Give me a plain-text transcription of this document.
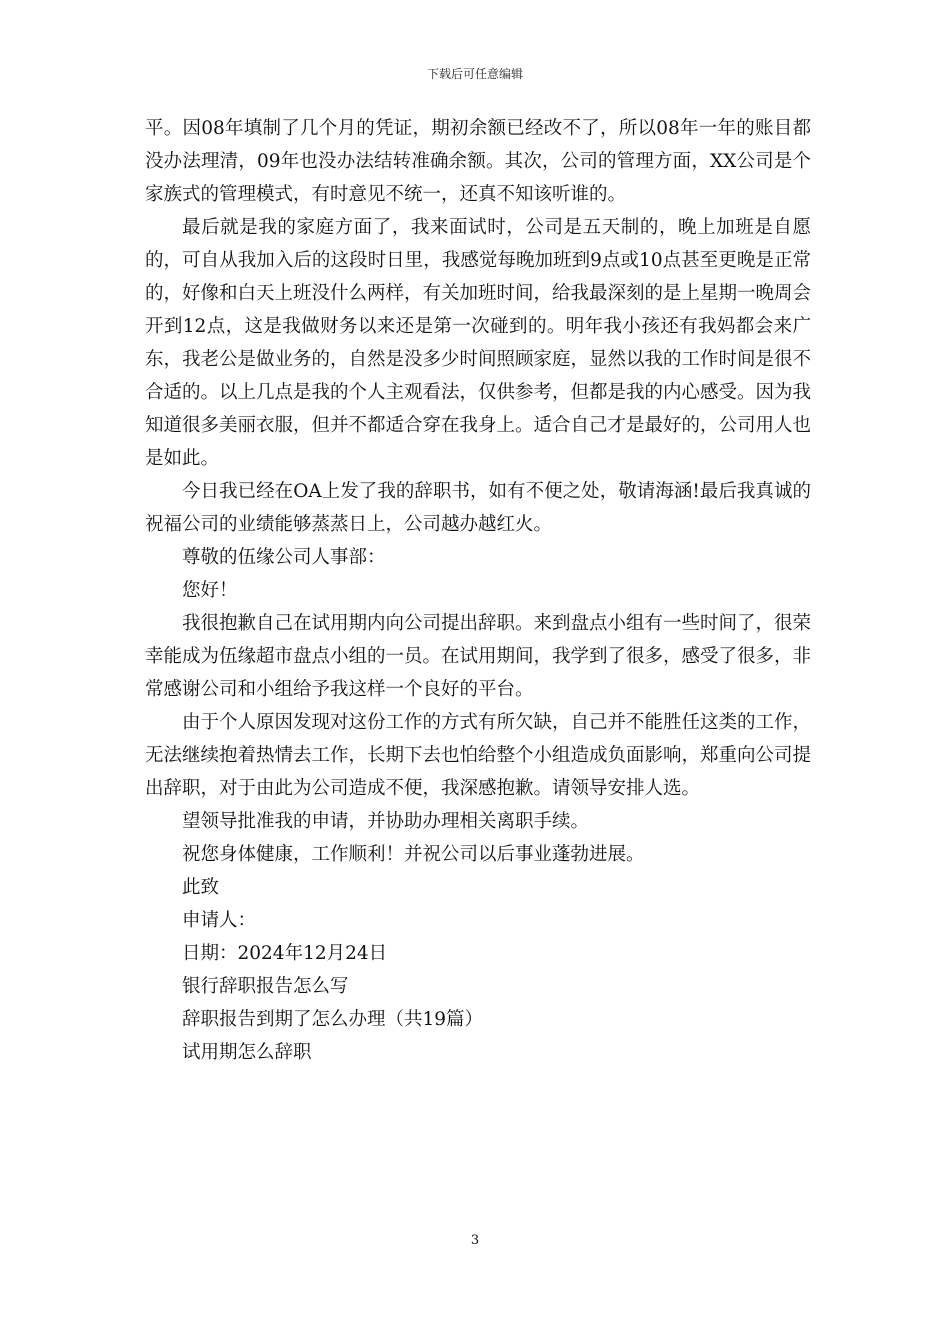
下载后可任意编辑

平。因08年填制了几个月的凭证，期初余额已经改不了，所以08年一年的账目都没办法理清，09年也没办法结转准确余额。其次，公司的管理方面，XX公司是个家族式的管理模式，有时意见不统一，还真不知该听谁的。

最后就是我的家庭方面了，我来面试时，公司是五天制的，晚上加班是自愿的，可自从我加入后的这段时日里，我感觉每晚加班到9点或10点甚至更晚是正常的，好像和白天上班没什么两样，有关加班时间，给我最深刻的是上星期一晚周会开到12点，这是我做财务以来还是第一次碰到的。明年我小孩还有我妈都会来广东，我老公是做业务的，自然是没多少时间照顾家庭，显然以我的工作时间是很不合适的。以上几点是我的个人主观看法，仅供参考，但都是我的内心感受。因为我知道很多美丽衣服，但并不都适合穿在我身上。适合自己才是最好的，公司用人也是如此。

今日我已经在OA上发了我的辞职书，如有不便之处，敬请海涵!最后我真诚的祝福公司的业绩能够蒸蒸日上，公司越办越红火。

尊敬的伍缘公司人事部：

您好！

我很抱歉自己在试用期内向公司提出辞职。来到盘点小组有一些时间了，很荣幸能成为伍缘超市盘点小组的一员。在试用期间，我学到了很多，感受了很多，非常感谢公司和小组给予我这样一个良好的平台。

由于个人原因发现对这份工作的方式有所欠缺，自己并不能胜任这类的工作，无法继续抱着热情去工作，长期下去也怕给整个小组造成负面影响，郑重向公司提出辞职，对于由此为公司造成不便，我深感抱歉。请领导安排人选。

望领导批准我的申请，并协助办理相关离职手续。

祝您身体健康，工作顺利！并祝公司以后事业蓬勃进展。

此致

申请人：

日期：2024年12月24日

银行辞职报告怎么写

辞职报告到期了怎么办理（共19篇）

试用期怎么辞职

3
